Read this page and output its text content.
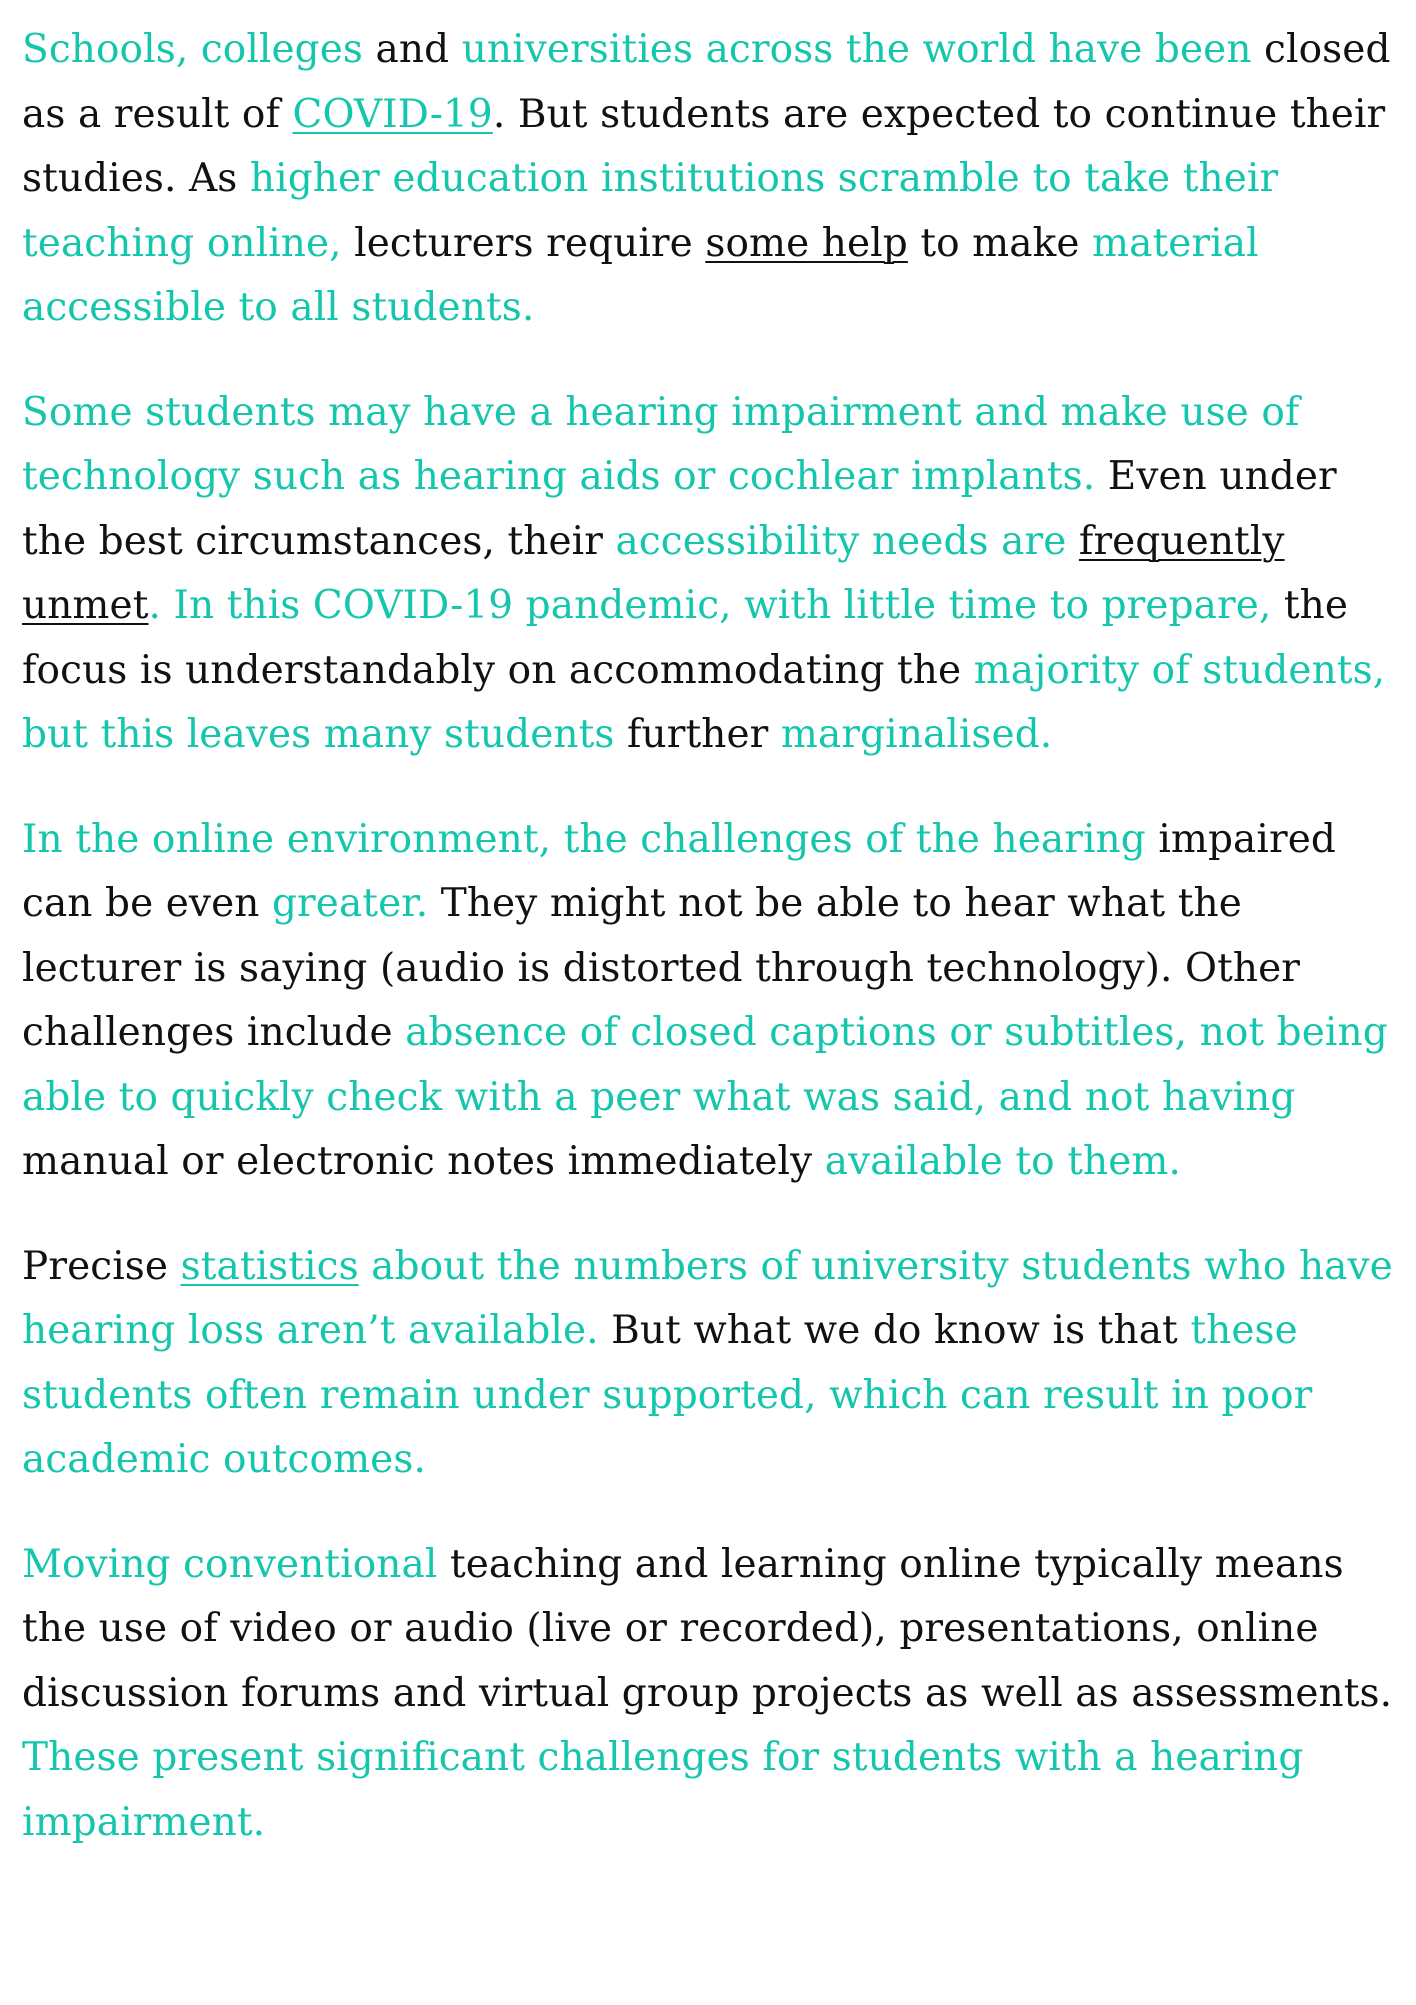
Schools, colleges and universities across the world have been closed as a result of COVID-19. But students are expected to continue their studies. As higher education institutions scramble to take their teaching online, lecturers require some help to make material accessible to all students.

Some students may have a hearing impairment and make use of technology such as hearing aids or cochlear implants. Even under the best circumstances, their accessibility needs are frequently unmet. In this COVID-19 pandemic, with little time to prepare, the focus is understandably on accommodating the majority of students, but this leaves many students further marginalised.

In the online environment, the challenges of the hearing impaired can be even greater. They might not be able to hear what the lecturer is saying (audio is distorted through technology). Other challenges include absence of closed captions or subtitles, not being able to quickly check with a peer what was said, and not having manual or electronic notes immediately available to them.

Precise statistics about the numbers of university students who have hearing loss aren’t available. But what we do know is that these students often remain under supported, which can result in poor academic outcomes.

Moving conventional teaching and learning online typically means the use of video or audio (live or recorded), presentations, online discussion forums and virtual group projects as well as assessments. These present significant challenges for students with a hearing impairment.
